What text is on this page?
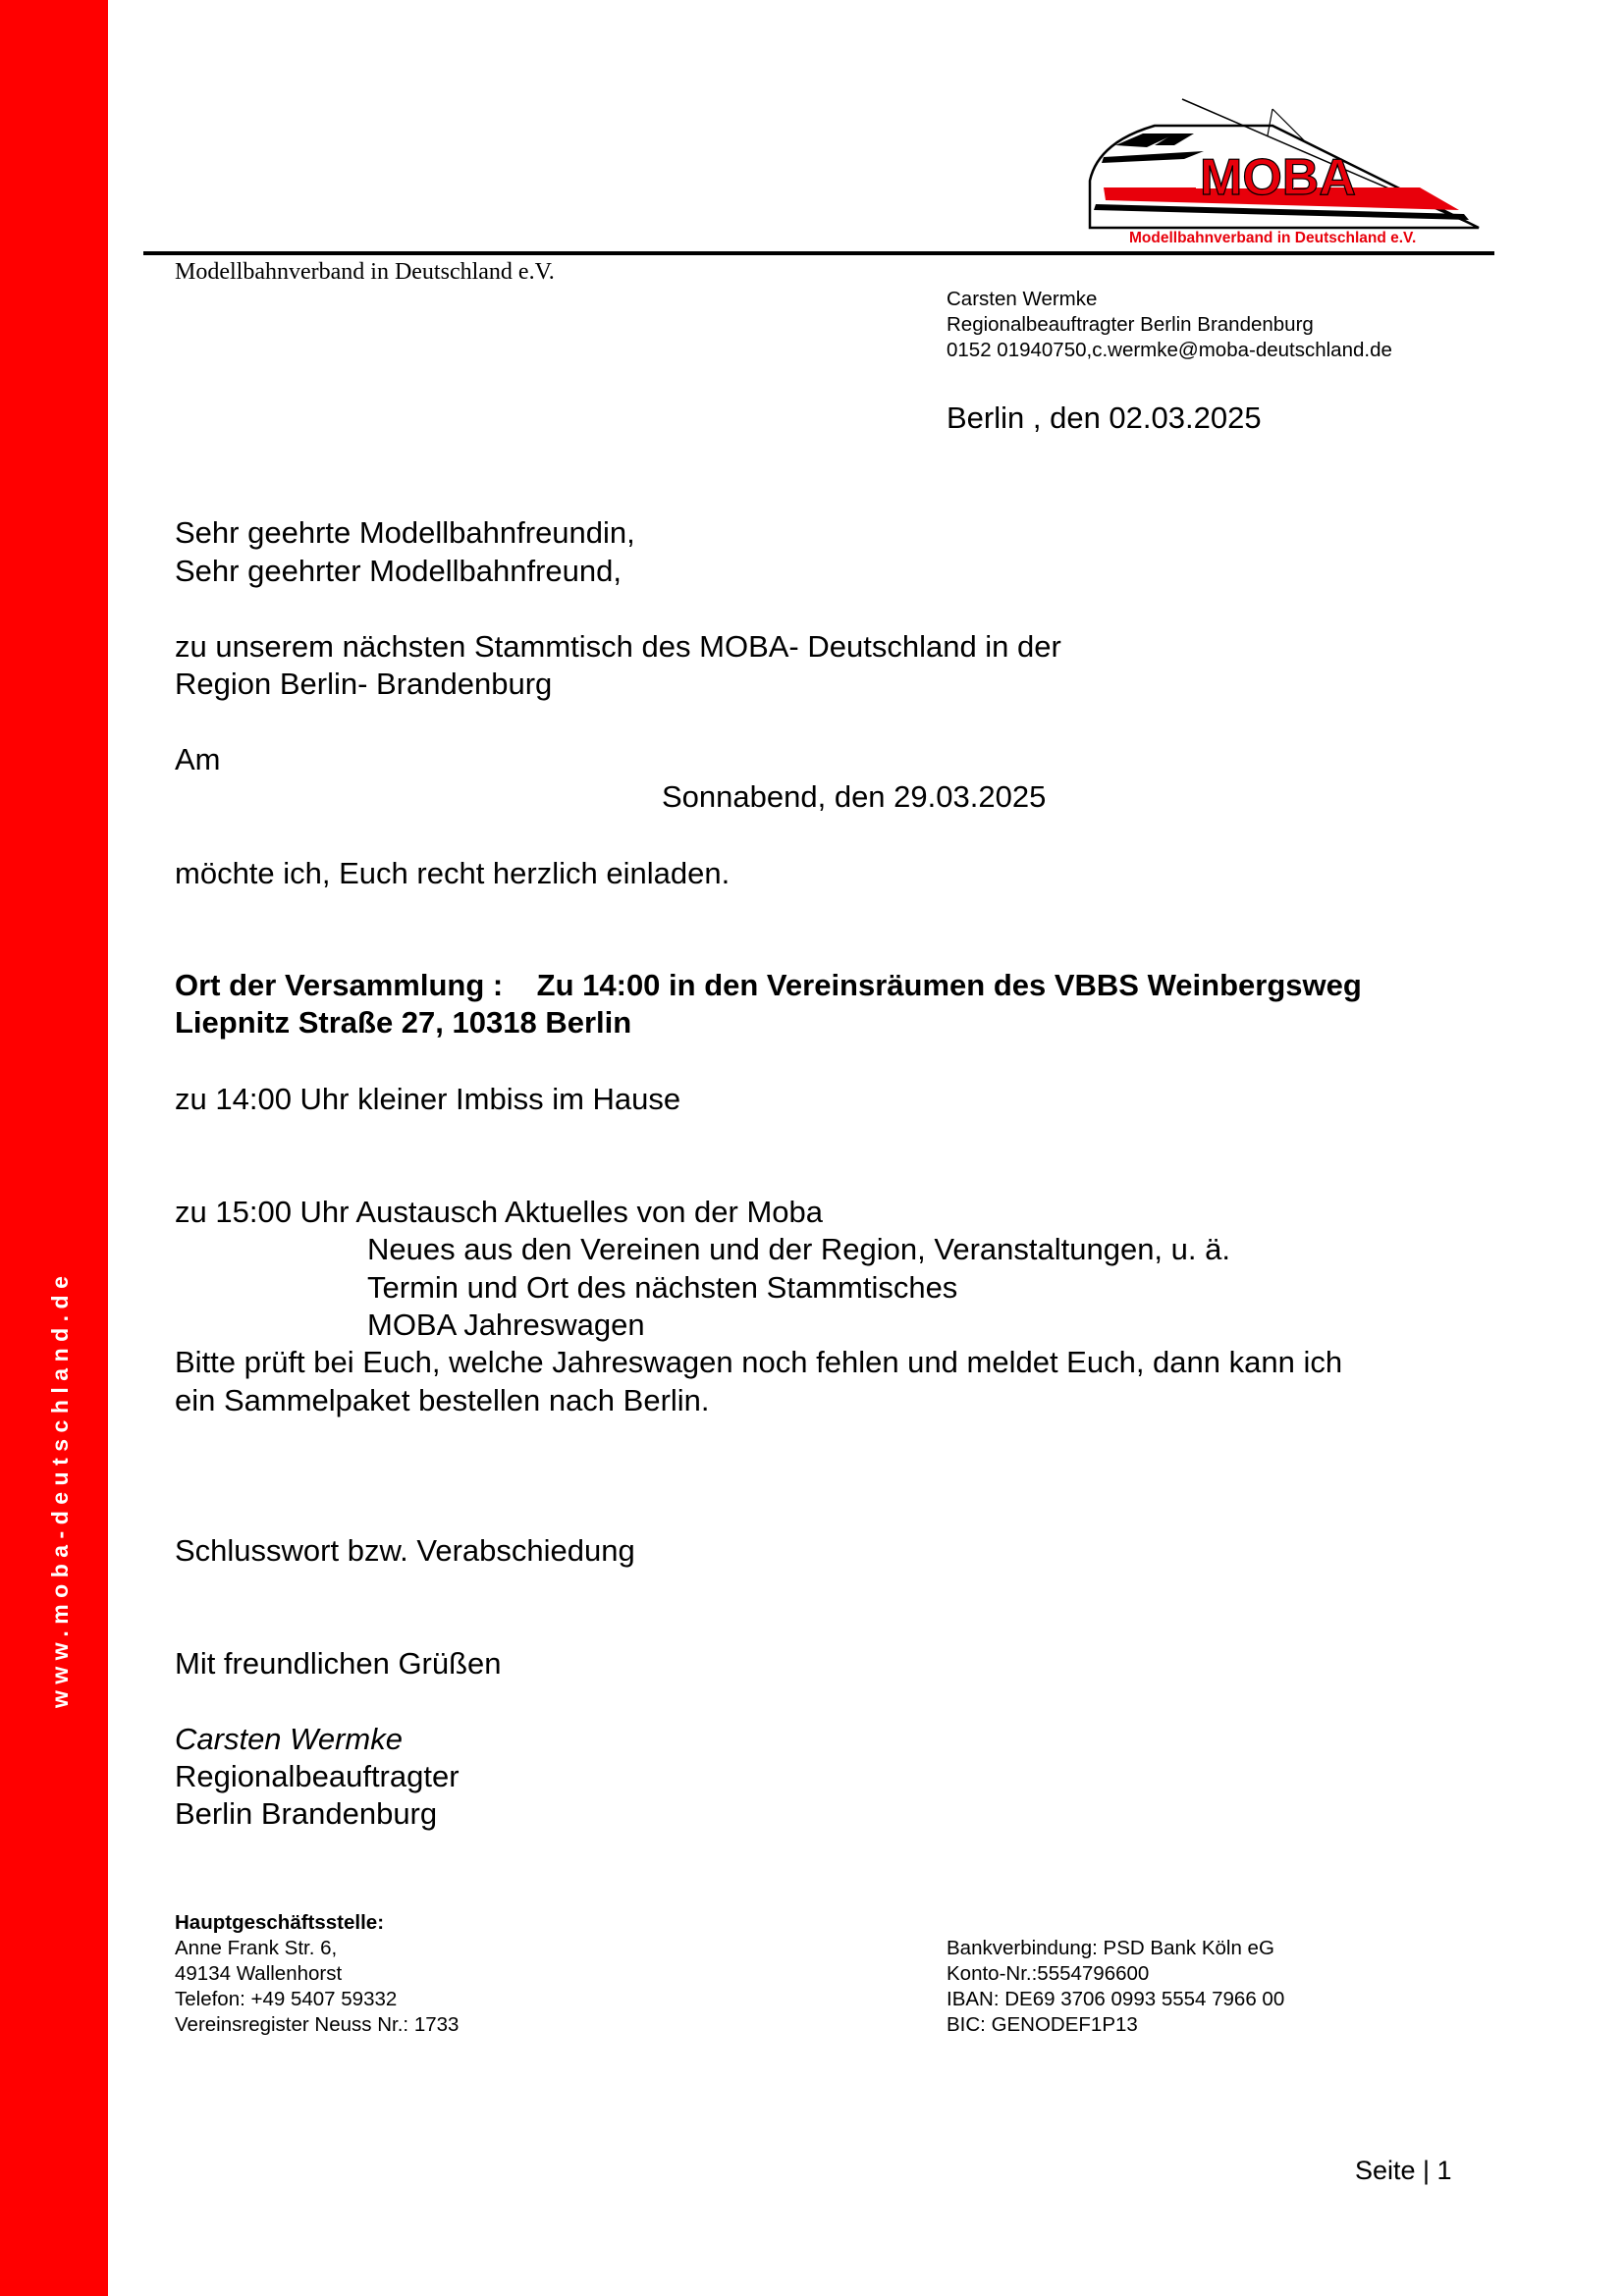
www.moba-deutschland.de
MOBA
Modellbahnverband in Deutschland e.V.
Modellbahnverband in Deutschland e.V.
Carsten Wermke
Regionalbeauftragter Berlin Brandenburg
0152 01940750,c.wermke@moba-deutschland.de
Berlin , den 02.03.2025
Sehr geehrte Modellbahnfreundin,
Sehr geehrter Modellbahnfreund,
zu unserem nächsten Stammtisch des MOBA- Deutschland in der
Region Berlin- Brandenburg
Am
Sonnabend, den 29.03.2025
möchte ich, Euch recht herzlich einladen.
Ort der Versammlung :    Zu 14:00 in den Vereinsräumen des VBBS Weinbergsweg
Liepnitz Straße 27, 10318 Berlin
zu 14:00 Uhr kleiner Imbiss im Hause
zu 15:00 Uhr Austausch Aktuelles von der Moba
Neues aus den Vereinen und der Region, Veranstaltungen, u. ä.
Termin und Ort des nächsten Stammtisches
MOBA Jahreswagen
Bitte prüft bei Euch, welche Jahreswagen noch fehlen und meldet Euch, dann kann ich
ein Sammelpaket bestellen nach Berlin.
Schlusswort bzw. Verabschiedung
Mit freundlichen Grüßen
Carsten Wermke
Regionalbeauftragter
Berlin Brandenburg
Hauptgeschäftsstelle:
Anne Frank Str. 6,
49134 Wallenhorst
Telefon: +49 5407 59332
Vereinsregister Neuss Nr.: 1733
Bankverbindung: PSD Bank Köln eG
Konto-Nr.:5554796600
IBAN: DE69 3706 0993 5554 7966 00
BIC: GENODEF1P13
Seite | 1
